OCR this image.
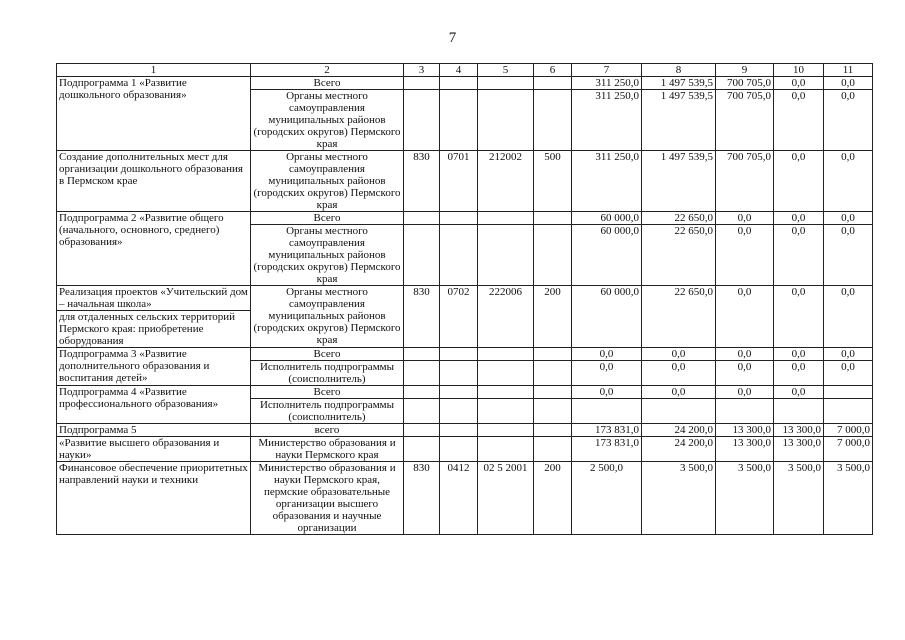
7
1	2	3	4	5	6	7	8	9	10	11
Подпрограмма 1 «Развитие дошкольного образования»	Всего					311 250,0	1 497 539,5	700 705,0	0,0	0,0
	Органы местного самоуправления муниципальных районов (городских округов) Пермского края					311 250,0	1 497 539,5	700 705,0	0,0	0,0
Создание дополнительных мест для организации дошкольного образования в Пермском крае	Органы местного самоуправления муниципальных районов (городских округов) Пермского края	830	0701	212002	500	311 250,0	1 497 539,5	700 705,0	0,0	0,0
Подпрограмма 2 «Развитие общего (начального, основного, среднего) образования»	Всего					60 000,0	22 650,0	0,0	0,0	0,0
	Органы местного самоуправления муниципальных районов (городских округов) Пермского края					60 000,0	22 650,0	0,0	0,0	0,0
Реализация проектов «Учительский дом – начальная школа»	Органы местного самоуправления муниципальных районов (городских округов) Пермского края	830	0702	222006	200	60 000,0	22 650,0	0,0	0,0	0,0
для отдаленных сельских территорий Пермского края: приобретение оборудования										
Подпрограмма 3 «Развитие дополнительного образования и воспитания детей»	Всего					0,0	0,0	0,0	0,0	0,0
	Исполнитель подпрограммы (соисполнитель)					0,0	0,0	0,0	0,0	0,0
Подпрограмма 4 «Развитие профессионального образования»	Всего					0,0	0,0	0,0	0,0	
	Исполнитель подпрограммы (соисполнитель)									
Подпрограмма 5	всего					173 831,0	24 200,0	13 300,0	13 300,0	7 000,0
«Развитие высшего образования и науки»	Министерство образования и науки Пермского края					173 831,0	24 200,0	13 300,0	13 300,0	7 000,0
Финансовое обеспечение приоритетных направлений науки и техники	Министерство образования и науки Пермского края, пермские образовательные организации высшего образования и научные организации	830	0412	02 5 2001	200	2 500,0	3 500,0	3 500,0	3 500,0	3 500,0
